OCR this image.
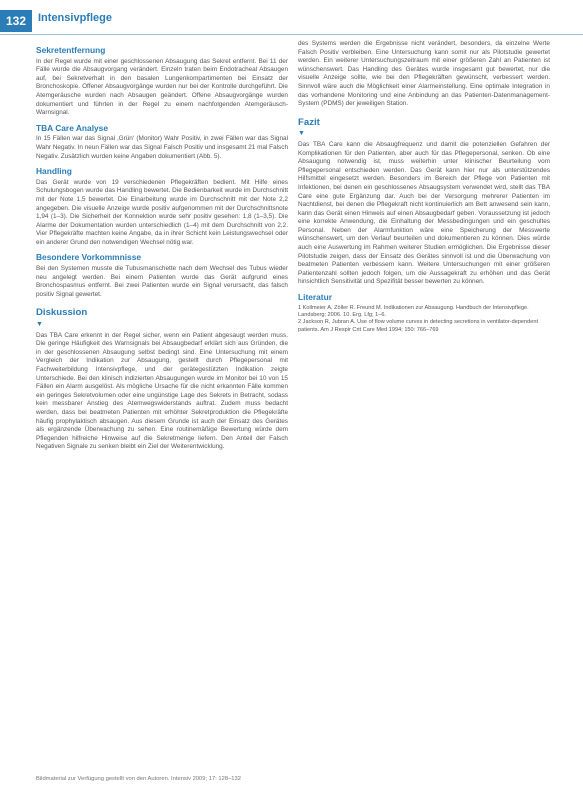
132	Intensivpflege
Sekretentfernung

In der Regel wurde mit einer geschlossenen Absaugung das Sekret entfernt. Bei 11 der Fälle wurde die Absaugvorgang verändert. Einzeln traten beim Endotracheal Absaugen auf, bei Sekretverhalt in den basalen Lungenkompartimenten bei Einsatz der Bronchoskopie. Offener Absaugvorgänge wurden nur bei der Kontrolle durchgeführt. Die Atemgeräusche wurden nach Absaugen geändert. Offene Absaugvorgänge wurden dokumentiert und führten in der Regel zu einem nachfolgenden Atemgeräusch-Warnsignal.

TBA Care Analyse

In 15 Fällen war das Signal ‚Grün‘ (Monitor) Wahr Positiv, in zwei Fällen war das Signal Wahr Negativ. In neun Fällen war das Signal Falsch Positiv und insgesamt 21 mal Falsch Negativ. Zusätzlich wurden keine Angaben dokumentiert (Abb. 5).

Handling

Das Gerät wurde von 19 verschiedenen Pflegekräften bedient. Mit Hilfe eines Schulungsbogen wurde das Handling bewertet. Die Bedienbarkeit wurde im Durchschnitt mit der Note 1,5 bewertet. Die Einarbeitung wurde im Durchschnitt mit der Note 2,2 angegeben. Die visuelle Anzeige wurde positiv aufgenommen mit der Durchschnittsnote 1,94 (1–3). Die Sicherheit der Konnektion wurde sehr positiv gesehen: 1,8 (1–3,5). Die Alarme der Dokumentation wurden unterschiedlich (1–4) mit dem Durchschnitt von 2,2. Vier Pflegekräfte machten keine Angabe, da in ihrer Schicht kein Leistungswechsel oder ein anderer Grund den notwendigen Wechsel nötig war.

Besondere Vorkommnisse

Bei den Systemen musste die Tubusmanschette nach dem Wechsel des Tubus wieder neu angelegt werden. Bei einem Patienten wurde das Gerät aufgrund eines Bronchospasmus entfernt. Bei zwei Patienten wurde ein Signal verursacht, das falsch positiv Signal gewertet.

Diskussion
▼

Das TBA Care erkennt in der Regel sicher, wenn ein Patient abgesaugt werden muss. Die geringe Häufigkeit des Warnsignals bei Absaugbedarf erklärt sich aus Gründen, die in der geschlossenen Absaugung selbst bedingt sind. Eine Untersuchung mit einem Vergleich der Indikation zur Absaugung, gestellt durch Pflegepersonal mit Fachweiterbildung Intensivpflege, und der gerätegestützten Indikation zeigte Unterschiede. Bei den klinisch indizierten Absaugungen wurde im Monitor bei 10 von 15 Fällen ein Alarm ausgelöst. Als mögliche Ursache für die nicht erkannten Fälle kommen ein geringes Sekretvolumen oder eine ungünstige Lage des Sekrets in Betracht, sodass kein messbarer Anstieg des Atemwegswiderstands auftrat. Zudem muss bedacht werden, dass bei beatmeten Patienten mit erhöhter Sekretproduktion die Pflegekräfte häufig prophylaktisch absaugen. Aus diesem Grunde ist auch der Einsatz des Gerätes als ergänzende Überwachung zu sehen. Eine routinemäßige Bewertung würde dem Pflegenden hilfreiche Hinweise auf die Sekretmenge liefern. Den Anteil der Falsch Negativen Signale zu senken bleibt ein Ziel der Weiterentwicklung.

des Systems werden die Ergebnisse nicht verändert, besonders, da einzelne Werte Falsch Positiv verbleiben. Eine Untersuchung kann somit nur als Pilotstudie gewertet werden. Ein weiterer Untersuchungszeitraum mit einer größeren Zahl an Patienten ist wünschenswert. Das Handling des Gerätes wurde insgesamt gut bewertet, nur die visuelle Anzeige sollte, wie bei den Pflegekräften gewünscht, verbessert werden. Sinnvoll wäre auch die Möglichkeit einer Alarmeinstellung. Eine optimale Integration in das vorhandene Monitoring und eine Anbindung an das Patienten-Datenmanagement-System (PDMS) der jeweiligen Station.

Fazit
▼

Das TBA Care kann die Absaugfrequenz und damit die potenziellen Gefahren der Komplikationen für den Patienten, aber auch für das Pflegepersonal, senken. Ob eine Absaugung notwendig ist, muss weiterhin unter klinischer Beurteilung vom Pflegepersonal entschieden werden. Das Gerät kann hier nur als unterstützendes Hilfsmittel eingesetzt werden. Besonders im Bereich der Pflege von Patienten mit Infektionen, bei denen ein geschlossenes Absaugsystem verwendet wird, stellt das TBA Care eine gute Ergänzung dar. Auch bei der Versorgung mehrerer Patienten im Nachtdienst, bei denen die Pflegekraft nicht kontinuierlich am Bett anwesend sein kann, kann das Gerät einen Hinweis auf einen Absaugbedarf geben. Voraussetzung ist jedoch eine korrekte Anwendung, die Einhaltung der Messbedingungen und ein geschultes Personal. Neben der Alarmfunktion wäre eine Speicherung der Messwerte wünschenswert, um den Verlauf beurteilen und dokumentieren zu können. Dies würde auch eine Auswertung im Rahmen weiterer Studien ermöglichen. Die Ergebnisse dieser Pilotstudie zeigen, dass der Einsatz des Gerätes sinnvoll ist und die Überwachung von beatmeten Patienten verbessern kann. Weitere Untersuchungen mit einer größeren Patientenzahl sollten jedoch folgen, um die Aussagekraft zu erhöhen und das Gerät hinsichtlich Sensitivität und Spezifität besser bewerten zu können.

Literatur
1 Kollmeier A, Zöller R. Freund M. Indikationen zur Absaugung. Handbuch der Intensivpflege. Landsberg; 2006. 10. Erg. Lfg; 1–6.
2 Jackson R, Jubran A. Use of flow volume curves in detecting secretions in ventilator-dependent patients. Am J Respir Crit Care Med 1994; 150: 766–769
Bildmaterial zur Verfügung gestellt von den Autoren. Intensiv 2009; 17: 128–132
